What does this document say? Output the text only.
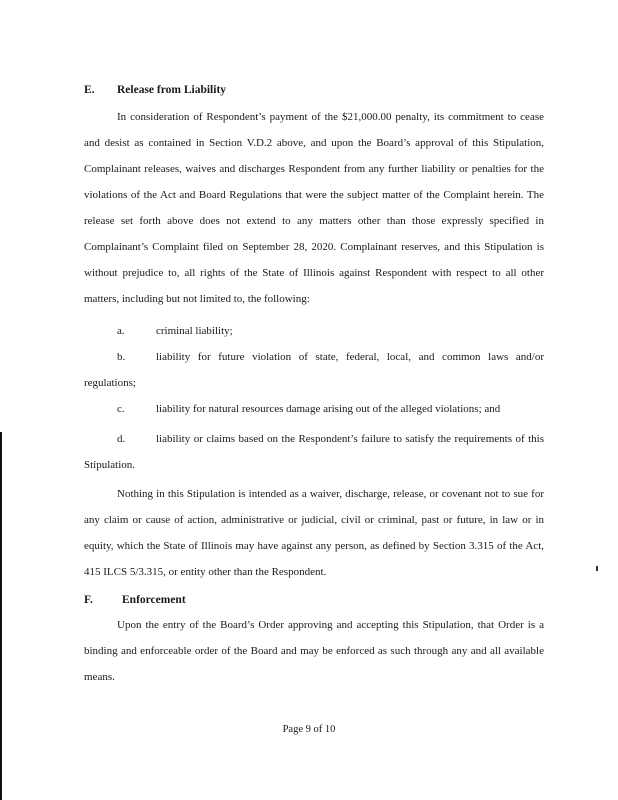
E. Release from Liability

In consideration of Respondent’s payment of the $21,000.00 penalty, its commitment to cease and desist as contained in Section V.D.2 above, and upon the Board’s approval of this Stipulation, Complainant releases, waives and discharges Respondent from any further liability or penalties for the violations of the Act and Board Regulations that were the subject matter of the Complaint herein. The release set forth above does not extend to any matters other than those expressly specified in Complainant’s Complaint filed on September 28, 2020. Complainant reserves, and this Stipulation is without prejudice to, all rights of the State of Illinois against Respondent with respect to all other matters, including but not limited to, the following:

a.	criminal liability;

b.	liability for future violation of state, federal, local, and common laws and/or regulations;

c.	liability for natural resources damage arising out of the alleged violations; and

d.	liability or claims based on the Respondent’s failure to satisfy the requirements of this Stipulation.

Nothing in this Stipulation is intended as a waiver, discharge, release, or covenant not to sue for any claim or cause of action, administrative or judicial, civil or criminal, past or future, in law or in equity, which the State of Illinois may have against any person, as defined by Section 3.315 of the Act, 415 ILCS 5/3.315, or entity other than the Respondent.

F.	Enforcement

Upon the entry of the Board’s Order approving and accepting this Stipulation, that Order is a binding and enforceable order of the Board and may be enforced as such through any and all available means.

Page 9 of 10
